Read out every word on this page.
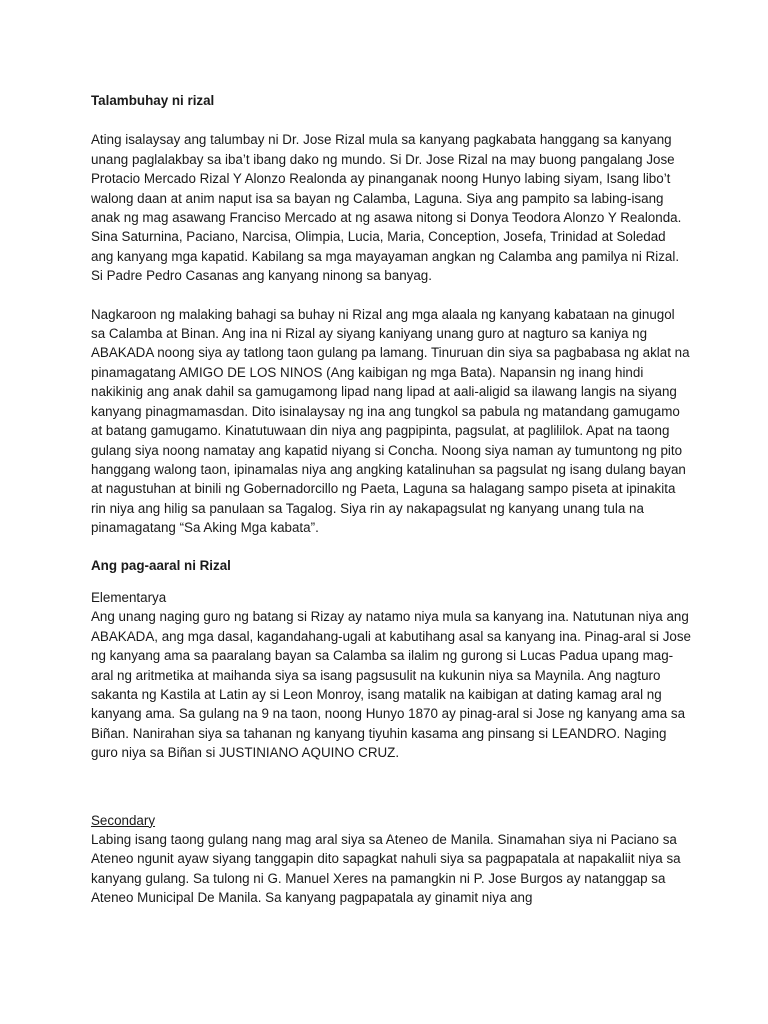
Talambuhay ni rizal

Ating isalaysay ang talumbay ni Dr. Jose Rizal mula sa kanyang pagkabata hanggang sa kanyang unang paglalakbay sa iba’t ibang dako ng mundo. Si Dr. Jose Rizal na may buong pangalang Jose Protacio Mercado Rizal Y Alonzo Realonda ay pinanganak noong Hunyo labing siyam, Isang libo’t walong daan at anim naput isa sa bayan ng Calamba, Laguna. Siya ang pampito sa labing-isang anak ng mag asawang Franciso Mercado at ng asawa nitong si Donya Teodora Alonzo Y Realonda. Sina Saturnina, Paciano, Narcisa, Olimpia, Lucia, Maria, Conception, Josefa, Trinidad at Soledad ang kanyang mga kapatid. Kabilang sa mga mayayaman angkan ng Calamba ang pamilya ni Rizal. Si Padre Pedro Casanas ang kanyang ninong sa banyag.

Nagkaroon ng malaking bahagi sa buhay ni Rizal ang mga alaala ng kanyang kabataan na ginugol sa Calamba at Binan. Ang ina ni Rizal ay siyang kaniyang unang guro at nagturo sa kaniya ng ABAKADA noong siya ay tatlong taon gulang pa lamang. Tinuruan din siya sa pagbabasa ng aklat na pinamagatang AMIGO DE LOS NINOS (Ang kaibigan ng mga Bata). Napansin ng inang hindi nakikinig ang anak dahil sa gamugamong lipad nang lipad at aali-aligid sa ilawang langis na siyang kanyang pinagmamasdan. Dito isinalaysay ng ina ang tungkol sa pabula ng matandang gamugamo at batang gamugamo. Kinatutuwaan din niya ang pagpipinta, pagsulat, at paglililok. Apat na taong gulang siya noong namatay ang kapatid niyang si Concha. Noong siya naman ay tumuntong ng pito hanggang walong taon, ipinamalas niya ang angking katalinuhan sa pagsulat ng isang dulang bayan at nagustuhan at binili ng Gobernadorcillo ng Paeta, Laguna sa halagang sampo piseta at ipinakita rin niya ang hilig sa panulaan sa Tagalog. Siya rin ay nakapagsulat ng kanyang unang tula na pinamagatang “Sa Aking Mga kabata”.

Ang pag-aaral ni Rizal

Elementarya

Ang unang naging guro ng batang si Rizay ay natamo niya mula sa kanyang ina. Natutunan niya ang ABAKADA, ang mga dasal, kagandahang-ugali at kabutihang asal sa kanyang ina. Pinag-aral si Jose ng kanyang ama sa paaralang bayan sa Calamba sa ilalim ng gurong si Lucas Padua upang mag-aral ng aritmetika at maihanda siya sa isang pagsusulit na kukunin niya sa Maynila. Ang nagturo sakanta ng Kastila at Latin ay si Leon Monroy, isang matalik na kaibigan at dating kamag aral ng kanyang ama. Sa gulang na 9 na taon, noong Hunyo 1870 ay pinag-aral si Jose ng kanyang ama sa Biñan. Nanirahan siya sa tahanan ng kanyang tiyuhin kasama ang pinsang si LEANDRO. Naging guro niya sa Biñan si JUSTINIANO AQUINO CRUZ.

Secondary

Labing isang taong gulang nang mag aral siya sa Ateneo de Manila. Sinamahan siya ni Paciano sa Ateneo ngunit ayaw siyang tanggapin dito sapagkat nahuli siya sa pagpapatala at napakaliit niya sa kanyang gulang. Sa tulong ni G. Manuel Xeres na pamangkin ni P. Jose Burgos ay natanggap sa Ateneo Municipal De Manila. Sa kanyang pagpapatala ay ginamit niya ang
